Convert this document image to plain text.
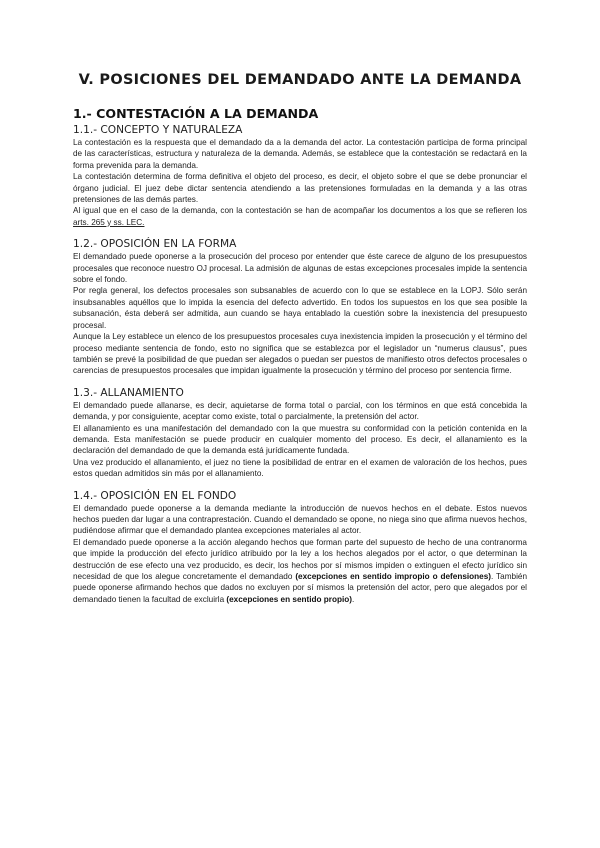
V. POSICIONES DEL DEMANDADO ANTE LA DEMANDA
1.- CONTESTACIÓN A LA DEMANDA
1.1.- CONCEPTO Y NATURALEZA

La contestación es la respuesta que el demandado da a la demanda del actor. La contestación participa de forma principal de las características, estructura y naturaleza de la demanda. Además, se establece que la contestación se redactará en la forma prevenida para la demanda.

La contestación determina de forma definitiva el objeto del proceso, es decir, el objeto sobre el que se debe pronunciar el órgano judicial. El juez debe dictar sentencia atendiendo a las pretensiones formuladas en la demanda y a las otras pretensiones de las demás partes.

Al igual que en el caso de la demanda, con la contestación se han de acompañar los documentos a los que se refieren los arts. 265 y ss. LEC.

1.2.- OPOSICIÓN EN LA FORMA

El demandado puede oponerse a la prosecución del proceso por entender que éste carece de alguno de los presupuestos procesales que reconoce nuestro OJ procesal. La admisión de algunas de estas excepciones procesales impide la sentencia sobre el fondo.

Por regla general, los defectos procesales son subsanables de acuerdo con lo que se establece en la LOPJ. Sólo serán insubsanables aquéllos que lo impida la esencia del defecto advertido. En todos los supuestos en los que sea posible la subsanación, ésta deberá ser admitida, aun cuando se haya entablado la cuestión sobre la inexistencia del presupuesto procesal.

Aunque la Ley establece un elenco de los presupuestos procesales cuya inexistencia impiden la prosecución y el término del proceso mediante sentencia de fondo, esto no significa que se establezca por el legislador un “numerus clausus”, pues también se prevé la posibilidad de que puedan ser alegados o puedan ser puestos de manifiesto otros defectos procesales o carencias de presupuestos procesales que impidan igualmente la prosecución y término del proceso por sentencia firme.

1.3.- ALLANAMIENTO

El demandado puede allanarse, es decir, aquietarse de forma total o parcial, con los términos en que está concebida la demanda, y por consiguiente, aceptar como existe, total o parcialmente, la pretensión del actor.

El allanamiento es una manifestación del demandado con la que muestra su conformidad con la petición contenida en la demanda. Esta manifestación se puede producir en cualquier momento del proceso. Es decir, el allanamiento es la declaración del demandado de que la demanda está jurídicamente fundada.

Una vez producido el allanamiento, el juez no tiene la posibilidad de entrar en el examen de valoración de los hechos, pues estos quedan admitidos sin más por el allanamiento.

1.4.- OPOSICIÓN EN EL FONDO

El demandado puede oponerse a la demanda mediante la introducción de nuevos hechos en el debate. Estos nuevos hechos pueden dar lugar a una contraprestación. Cuando el demandado se opone, no niega sino que afirma nuevos hechos, pudiéndose afirmar que el demandado plantea excepciones materiales al actor.

El demandado puede oponerse a la acción alegando hechos que forman parte del supuesto de hecho de una contranorma que impide la producción del efecto jurídico atribuido por la ley a los hechos alegados por el actor, o que determinan la destrucción de ese efecto una vez producido, es decir, los hechos por sí mismos impiden o extinguen el efecto jurídico sin necesidad de que los alegue concretamente el demandado (excepciones en sentido impropio o defensiones). También puede oponerse afirmando hechos que dados no excluyen por sí mismos la pretensión del actor, pero que alegados por el demandado tienen la facultad de excluirla (excepciones en sentido propio).
